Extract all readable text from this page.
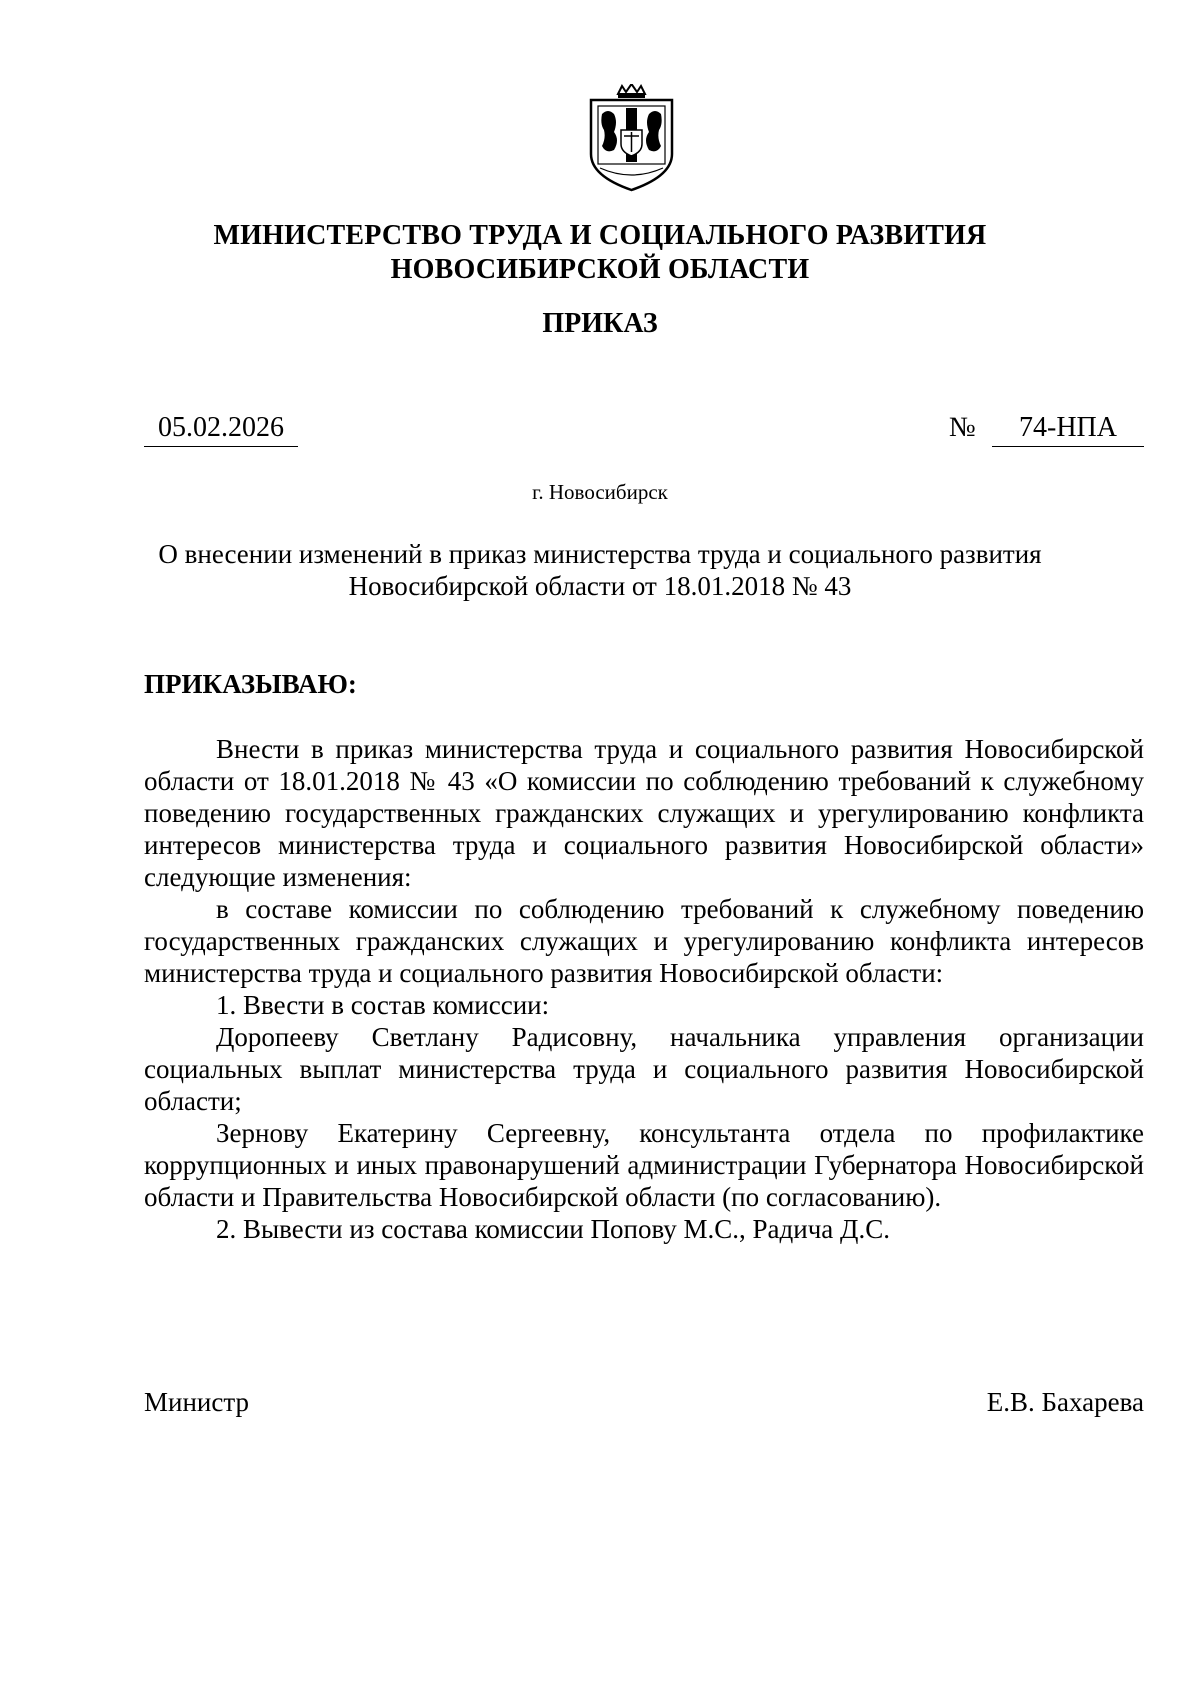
МИНИСТЕРСТВО ТРУДА И СОЦИАЛЬНОГО РАЗВИТИЯ
НОВОСИБИРСКОЙ ОБЛАСТИ
ПРИКАЗ
05.02.2026	№	74-НПА
г. Новосибирск
О внесении изменений в приказ министерства труда и социального развития
Новосибирской области от 18.01.2018 № 43
ПРИКАЗЫВАЮ:

Внести в приказ министерства труда и социального развития Новосибирской области от 18.01.2018 № 43 «О комиссии по соблюдению требований к служебному поведению государственных гражданских служащих и урегулированию конфликта интересов министерства труда и социального развития Новосибирской области» следующие изменения:

в составе комиссии по соблюдению требований к служебному поведению государственных гражданских служащих и урегулированию конфликта интересов министерства труда и социального развития Новосибирской области:

1. Ввести в состав комиссии:

Доропееву Светлану Радисовну, начальника управления организации социальных выплат министерства труда и социального развития Новосибирской области;

Зернову Екатерину Сергеевну, консультанта отдела по профилактике коррупционных и иных правонарушений администрации Губернатора Новосибирской области и Правительства Новосибирской области (по согласованию).

2. Вывести из состава комиссии Попову М.С., Радича Д.С.

Министр	Е.В. Бахарева
